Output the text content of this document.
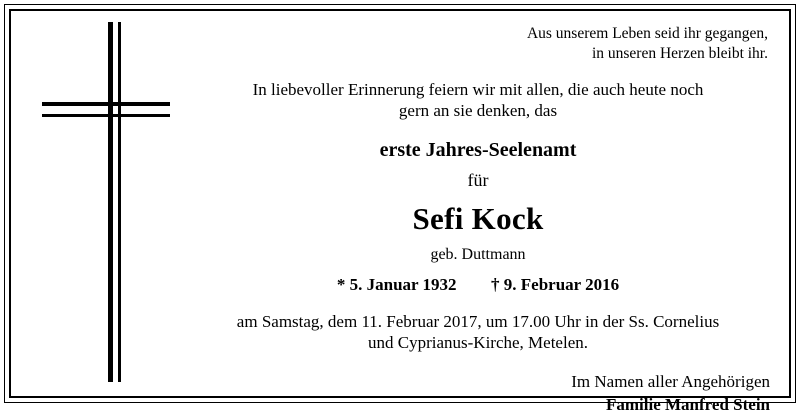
Aus unserem Leben seid ihr gegangen,
in unseren Herzen bleibt ihr.
In liebevoller Erinnerung feiern wir mit allen, die auch heute noch
gern an sie denken, das
erste Jahres-Seelenamt
für
Sefi Kock
geb. Duttmann
* 5. Januar 1932 † 9. Februar 2016
am Samstag, dem 11. Februar 2017, um 17.00 Uhr in der Ss. Cornelius
und Cyprianus-Kirche, Metelen.
Im Namen aller Angehörigen
Familie Manfred Stein
